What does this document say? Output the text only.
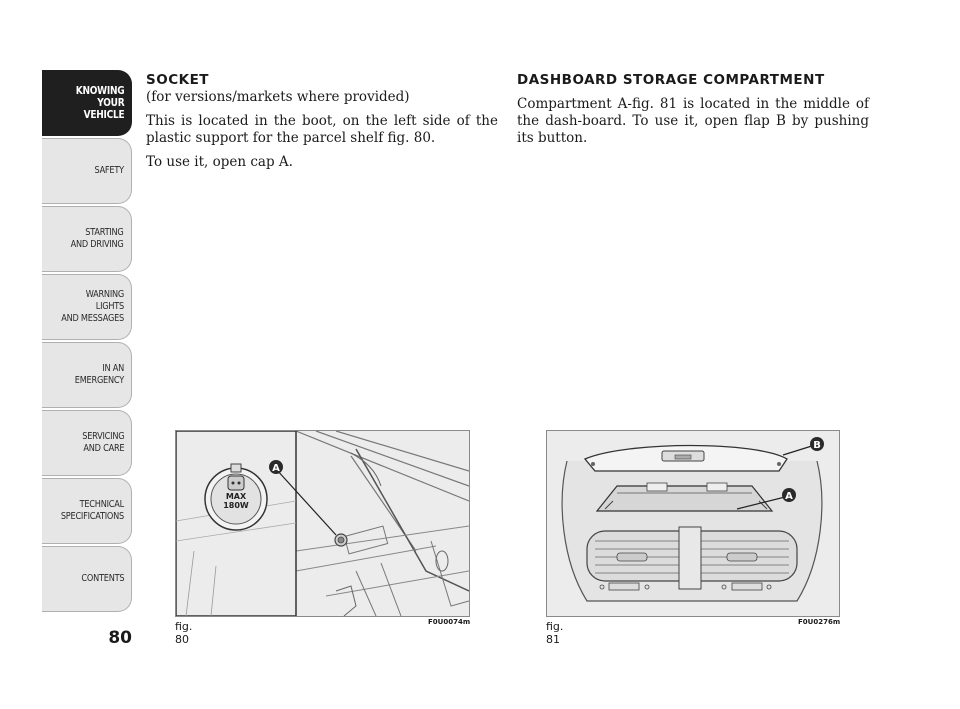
KNOWING
YOUR
VEHICLE
SAFETY
STARTING
AND DRIVING
WARNING LIGHTS
AND MESSAGES
IN AN
EMERGENCY
SERVICING
AND CARE
TECHNICAL
SPECIFICATIONS
CONTENTS
80

SOCKET

(for versions/markets where provided)

This is located in the boot, on the left side of the plastic support for the parcel shelf fig. 80.

To use it, open cap A.

DASHBOARD STORAGE COMPARTMENT

Compartment A-fig. 81 is located in the middle of the dash-board. To use it, open flap B by pushing its button.

MAX
180W
A
fig. 80
F0U0074m
B
A
fig. 81
F0U0276m
